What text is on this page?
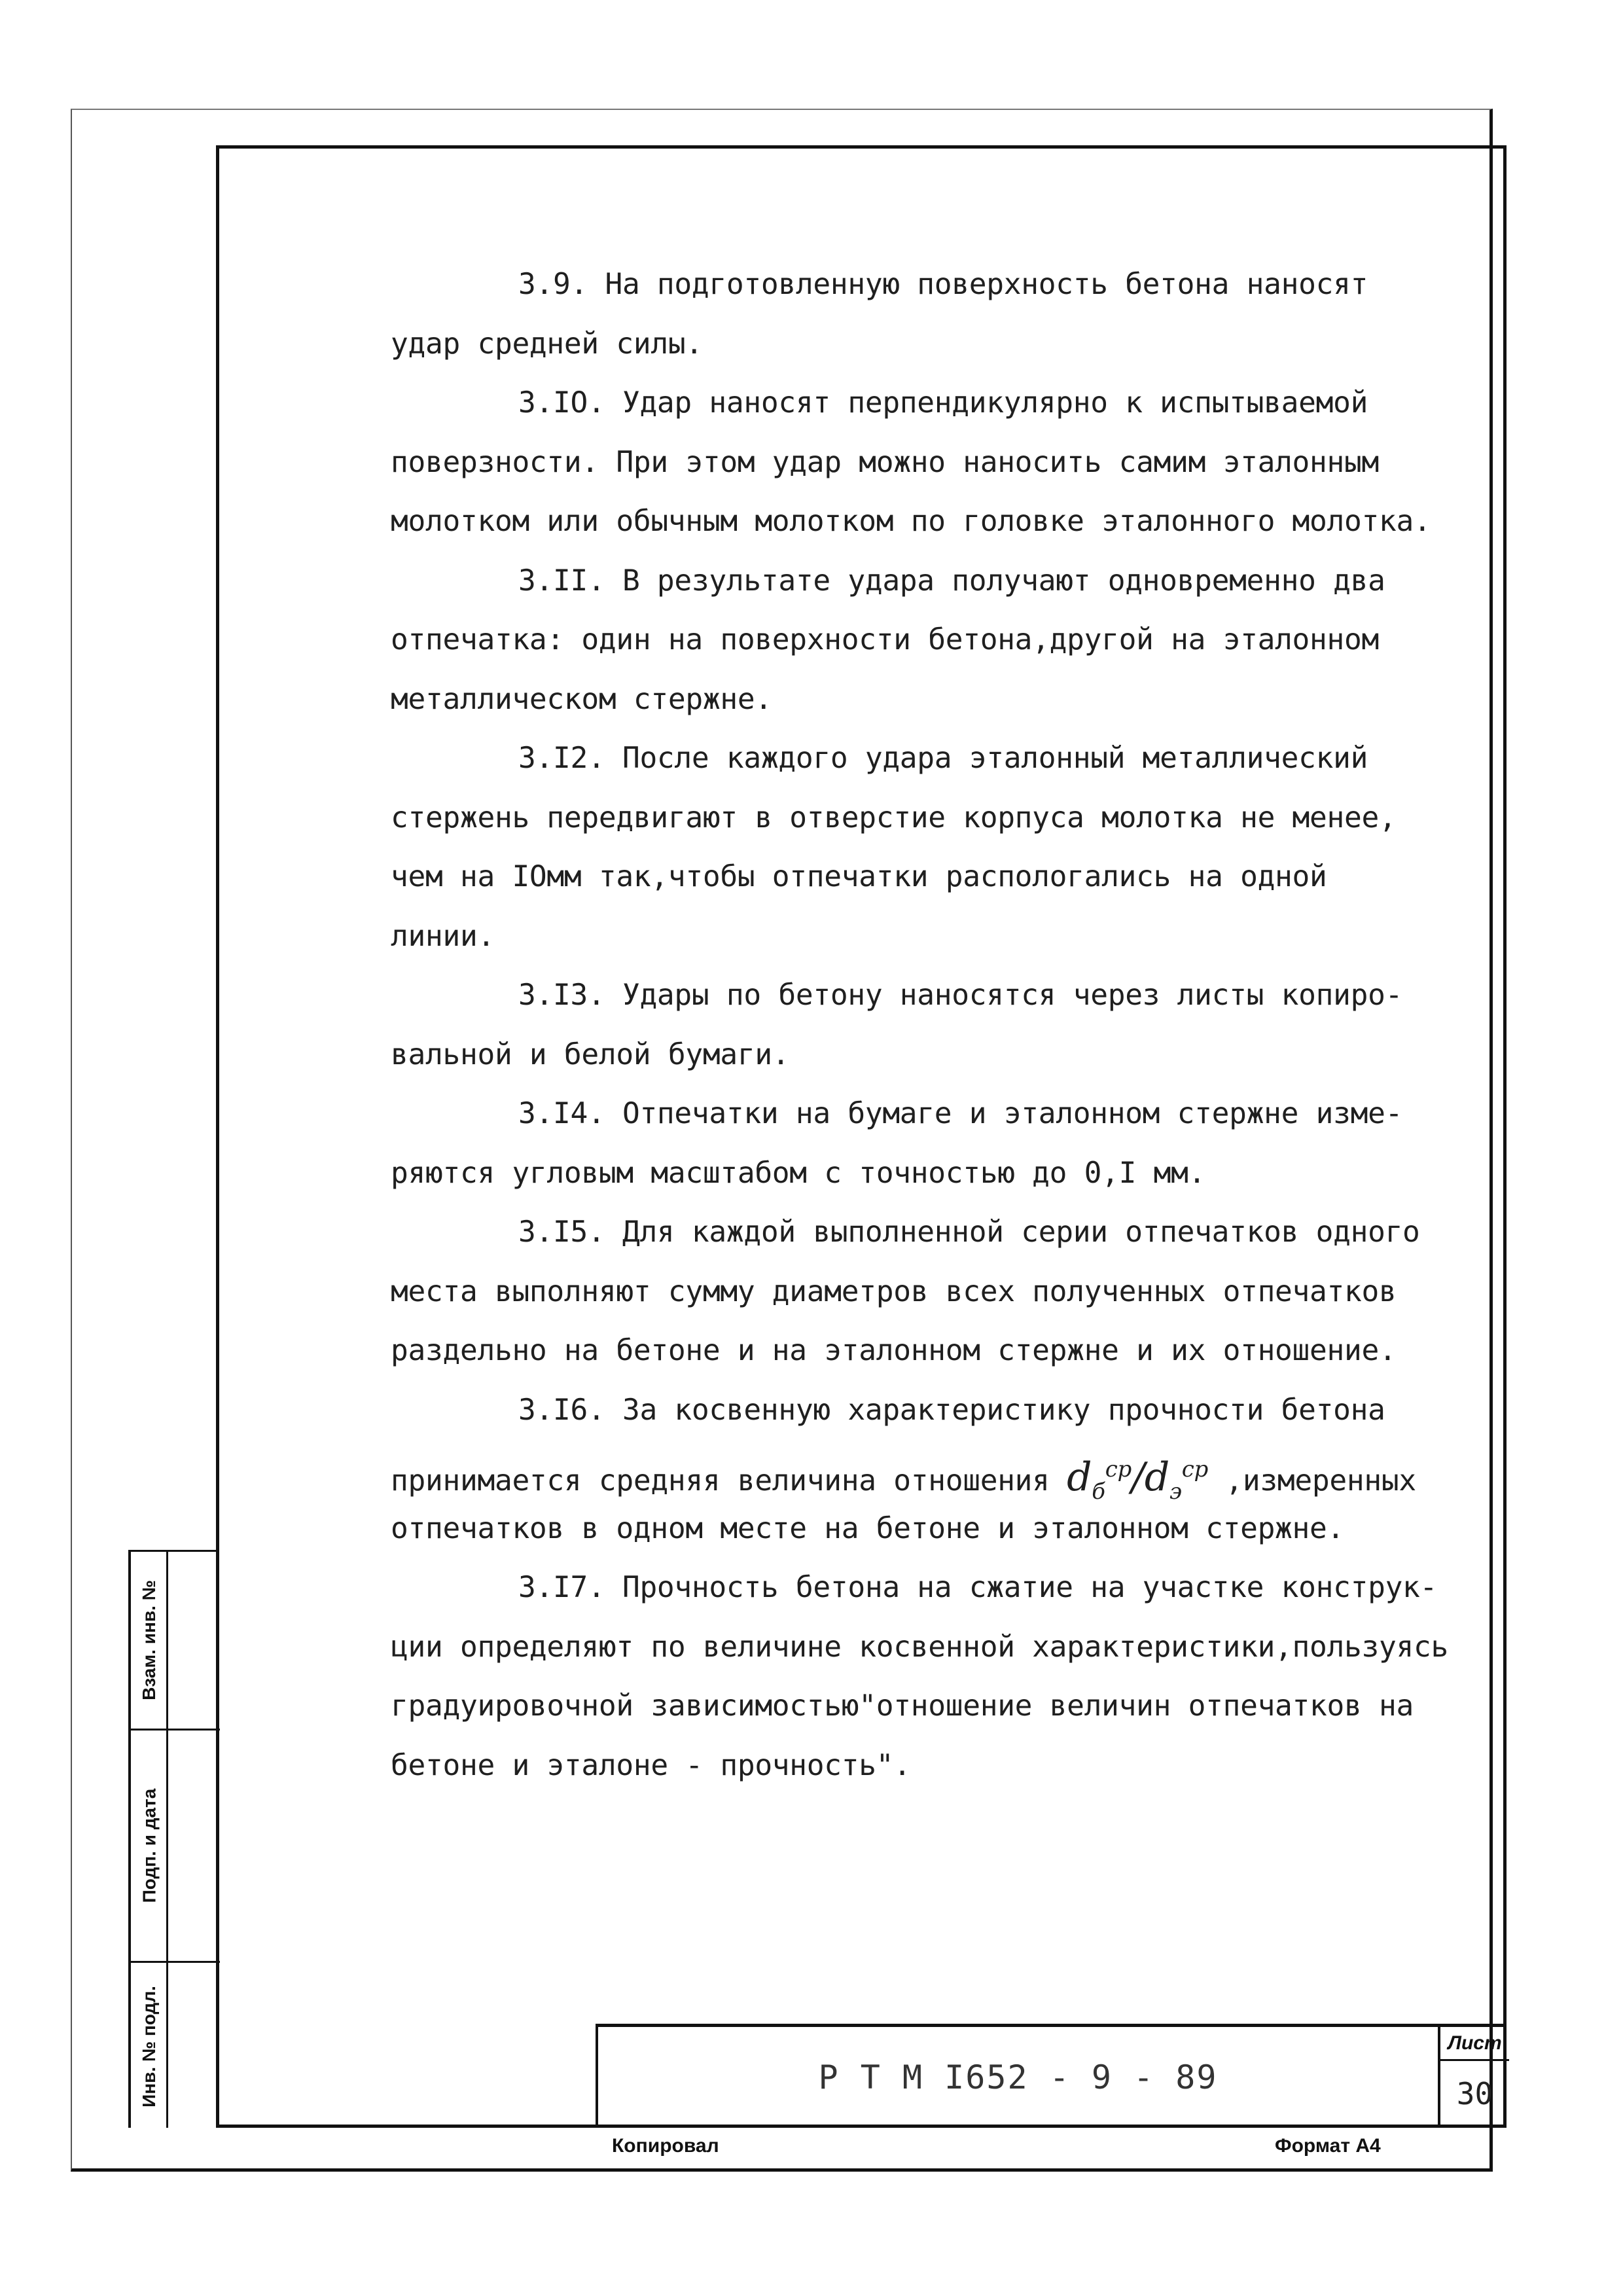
Взам. инв. №
Подп. и дата
Инв. № подл.
3.9. На подготовленную поверхность бетона наносят
удар средней силы.
3.IO. Удар наносят перпендикулярно к испытываемой
поверзности. При этом удар можно наносить самим эталонным
молотком или обычным молотком по головке эталонного молотка.
3.II. В результате удара получают одновременно два
отпечатка: один на поверхности бетона,другой на эталонном
металлическом стержне.
3.I2. После каждого удара эталонный металлический
стержень передвигают в отверстие корпуса молотка не менее,
чем на IOмм так,чтобы отпечатки распологались на одной
линии.
3.I3. Удары по бетону наносятся через листы копиро-
вальной и белой бумаги.
3.I4. Отпечатки на бумаге и эталонном стержне изме-
ряются угловым масштабом с точностью до 0,I мм.
3.I5. Для каждой выполненной серии отпечатков одного
места выполняют сумму диаметров всех полученных отпечатков
раздельно на бетоне и на эталонном стержне и их отношение.
3.I6. За косвенную характеристику прочности бетона
принимается средняя величина отношения $d_б^{ср}/d_э^{ср}$ ,измеренных
отпечатков в одном месте на бетоне и эталонном стержне.
3.I7. Прочность бетона на сжатие на участке конструк-
ции определяют по величине косвенной характеристики,пользуясь
градуировочной зависимостью"отношение величин отпечатков на
бетоне и эталоне - прочность".
Р Т М I652 - 9 - 89
Лист
30
Копировал	Формат А4
